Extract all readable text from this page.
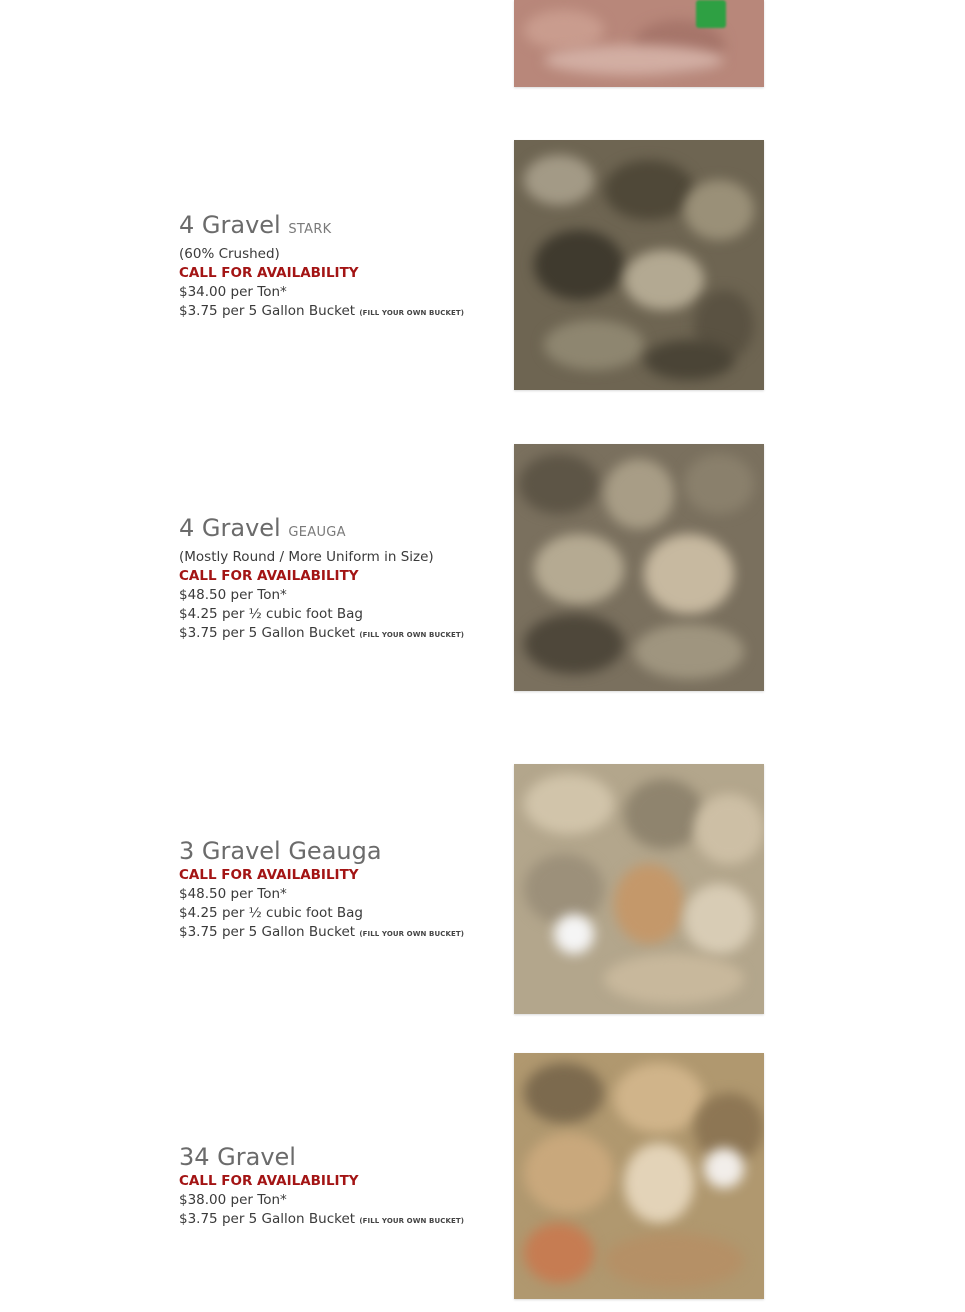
4 Gravel STARK
(60% Crushed)
CALL FOR AVAILABILITY
$34.00 per Ton*
$3.75 per 5 Gallon Bucket (FILL YOUR OWN BUCKET)
4 Gravel GEAUGA
(Mostly Round / More Uniform in Size)
CALL FOR AVAILABILITY
$48.50 per Ton*
$4.25 per ½ cubic foot Bag
$3.75 per 5 Gallon Bucket (FILL YOUR OWN BUCKET)
3 Gravel Geauga
CALL FOR AVAILABILITY
$48.50 per Ton*
$4.25 per ½ cubic foot Bag
$3.75 per 5 Gallon Bucket (FILL YOUR OWN BUCKET)
34 Gravel
CALL FOR AVAILABILITY
$38.00 per Ton*
$3.75 per 5 Gallon Bucket (FILL YOUR OWN BUCKET)
